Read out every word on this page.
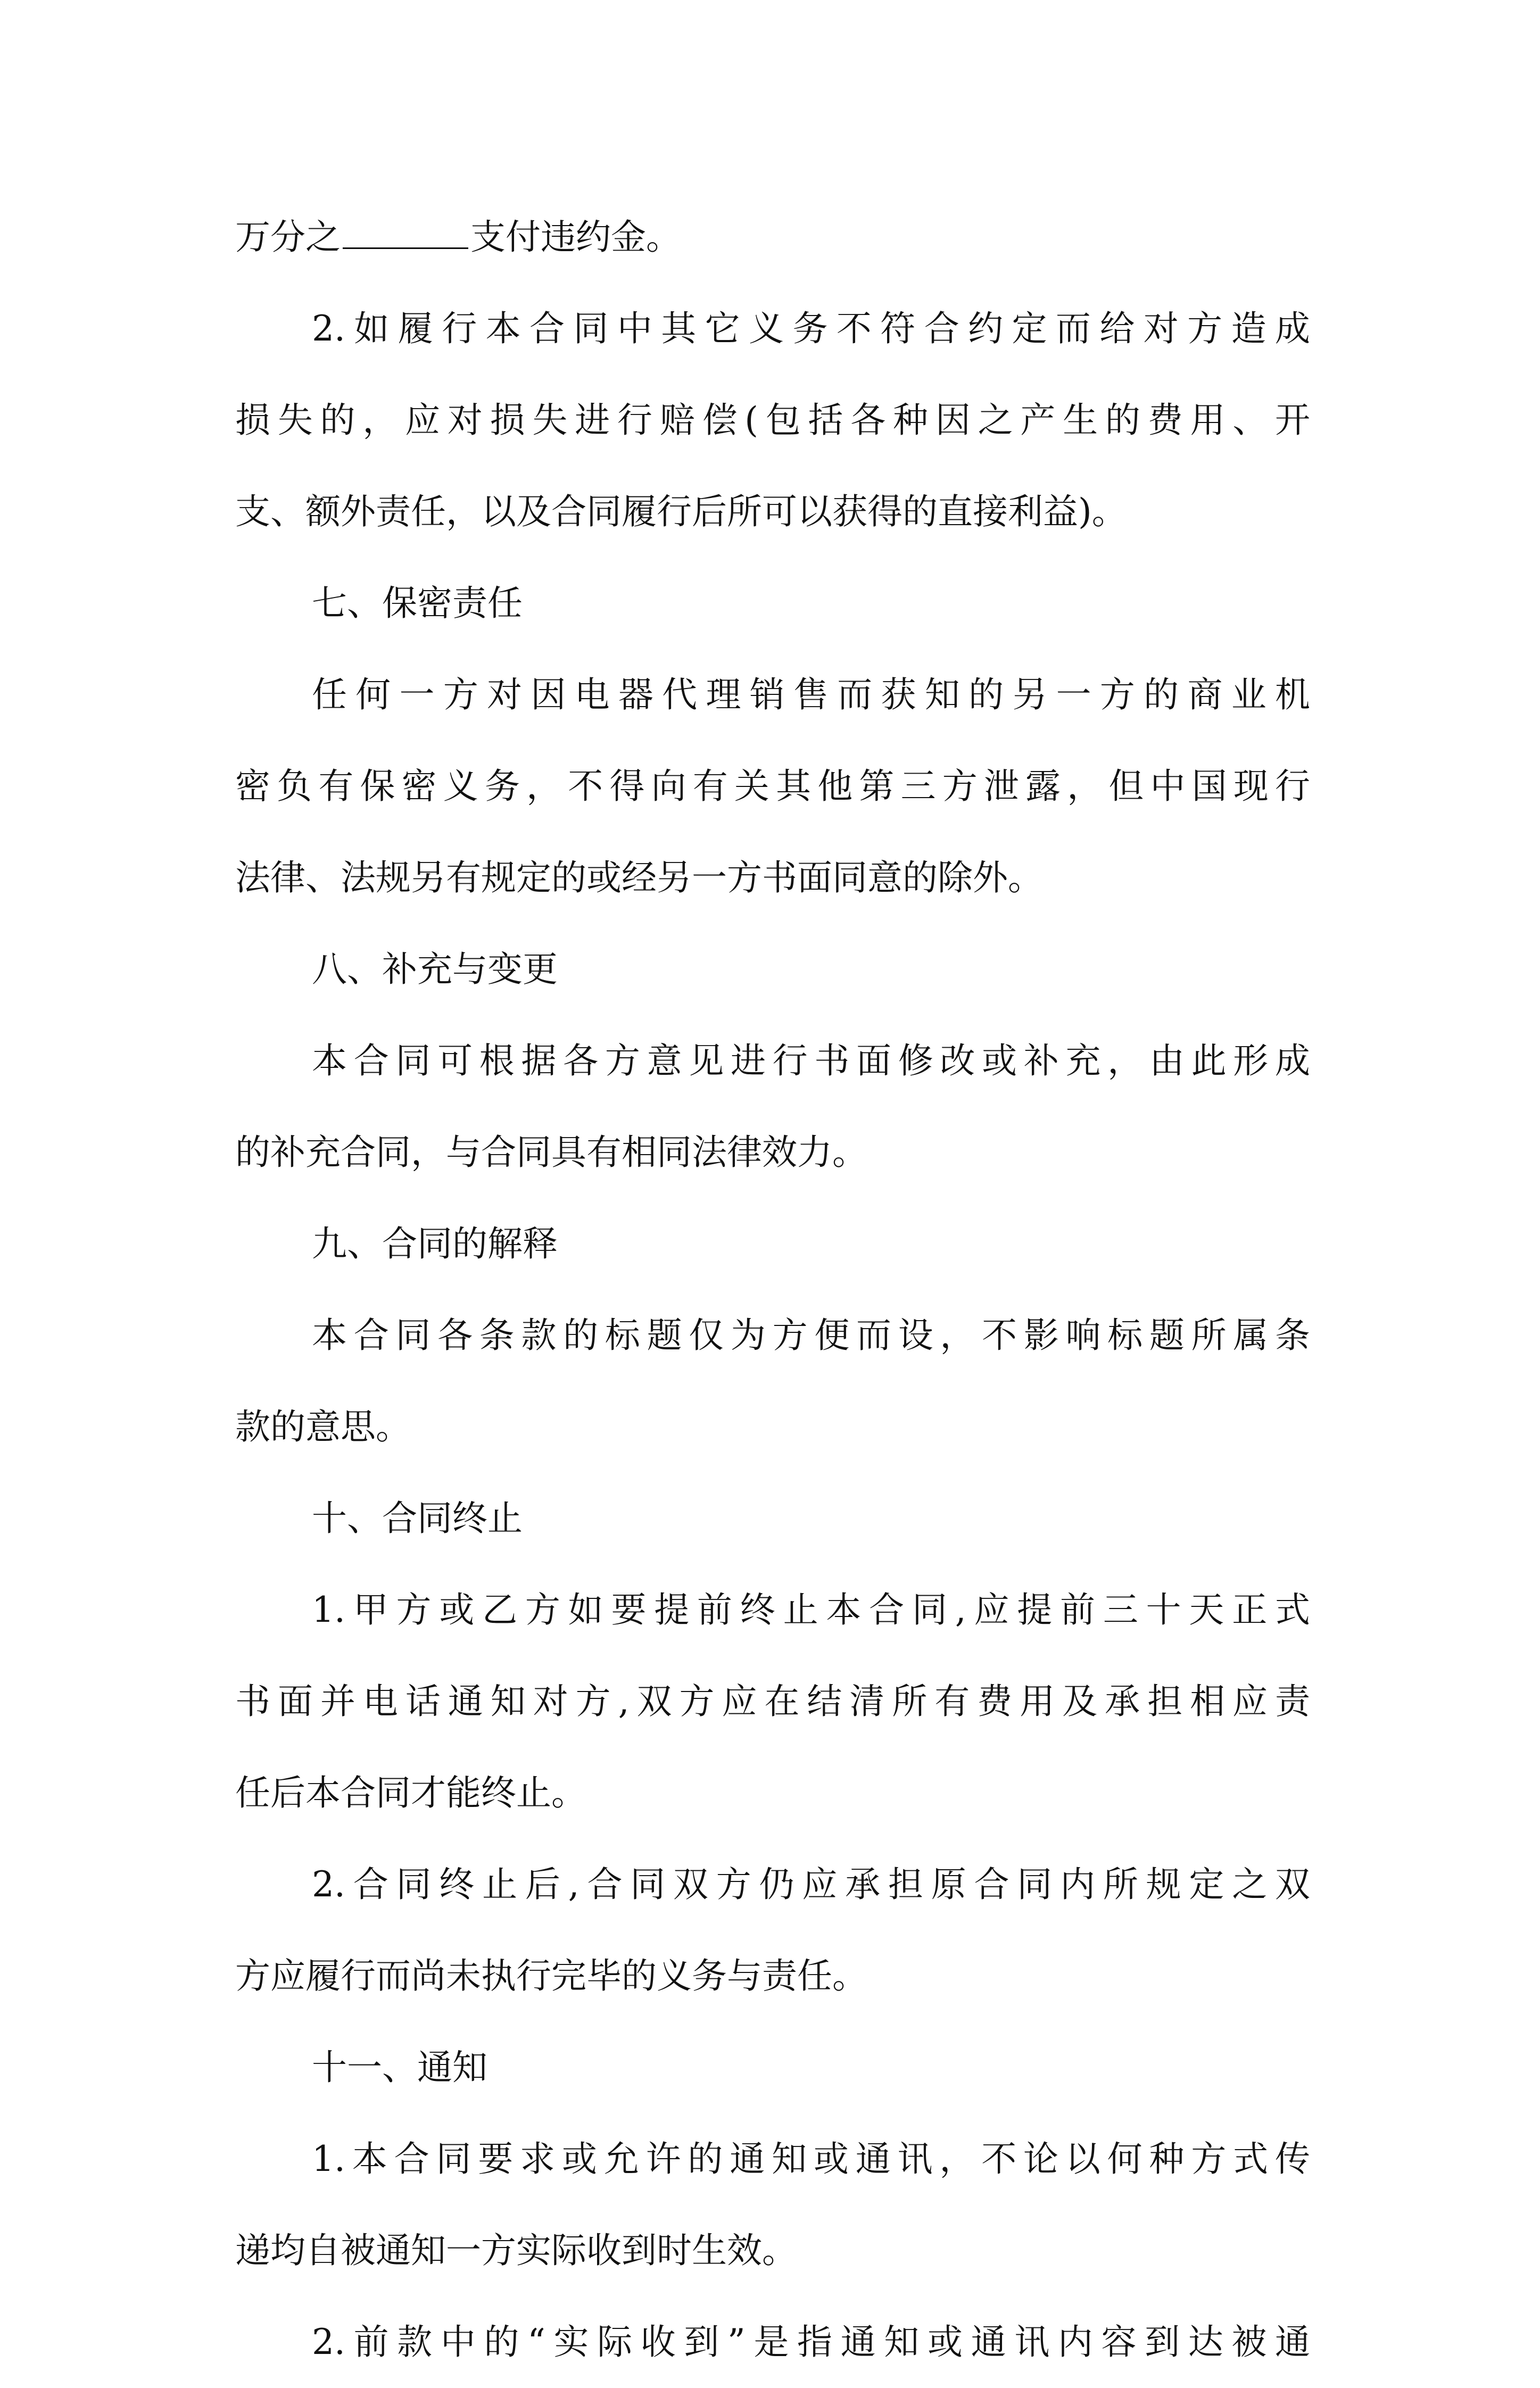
万分之	支付违约金。
2.如履行本合同中其它义务不符合约定而给对方造成
损失的，应对损失进行赔偿(包括各种因之产生的费用、开
支、额外责任，以及合同履行后所可以获得的直接利益)。
七、保密责任
任何一方对因电器代理销售而获知的另一方的商业机
密负有保密义务，不得向有关其他第三方泄露，但中国现行
法律、法规另有规定的或经另一方书面同意的除外。
八、补充与变更
本合同可根据各方意见进行书面修改或补充，由此形成
的补充合同，与合同具有相同法律效力。
九、合同的解释
本合同各条款的标题仅为方便而设，不影响标题所属条
款的意思。
十、合同终止
1.甲方或乙方如要提前终止本合同,应提前三十天正式
书面并电话通知对方,双方应在结清所有费用及承担相应责
任后本合同才能终止。
2.合同终止后,合同双方仍应承担原合同内所规定之双
方应履行而尚未执行完毕的义务与责任。
十一、通知
1.本合同要求或允许的通知或通讯，不论以何种方式传
递均自被通知一方实际收到时生效。
2.前款中的“实际收到”是指通知或通讯内容到达被通
